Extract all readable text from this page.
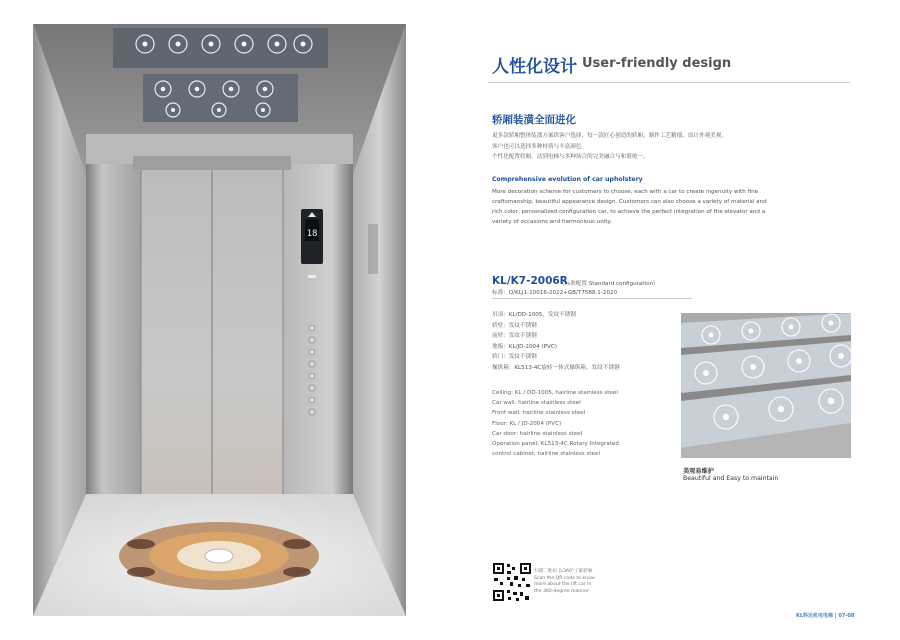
18
人性化设计 User-friendly design
轿厢装潢全面进化
更多款轿厢整体装潢方案供客户选择，每一款匠心创造的轿厢，制作工艺精细，设计外观美观。
客户也可以选择多种材质与丰富颜色。
个性化配置轿厢，达到电梯与多种场合的完美融合与和谐统一。
Comprehensive evolution of car upholstery
More decoration scheme for customers to choose, each with a car to create ingenuity with fine
craftsmanship, beautiful appearance design. Customers can also choose a variety of material and
rich color, personalized configuration car, to achieve the perfect integration of the elevator and a
variety of occasions and harmonious unity.
KL/K7-2006R
（标准配置 Standard configuration）
标准：Q/KLJ1-10016-2022+GB/T7588.1-2020
吊顶：KL/DD-1005，发纹不锈钢
轿壁：发纹不锈钢
前壁：发纹不锈钢
地板：KL/JD-2004 (PVC)
轿门：发纹不锈钢
操纵箱：KL513-4C旋转一体式操纵箱，发纹不锈钢
Ceiling: KL / DD-1005, hairline stainless steel
Car wall: hairline stainless steel
Front wall: hairline stainless steel
Floor: KL / JD-2004 (PVC)
Car door: hairline stainless steel
Operation panel: KL513-4C Rotary Integrated
control cabinet, hairline stainless steel
美观易维护
Beautiful and Easy to maintain
扫描二维码 以360°了解轿厢
Scan the QR code to know
more about the lift car in
the 360-degree manner
KL科达机电电梯 | 07-08
